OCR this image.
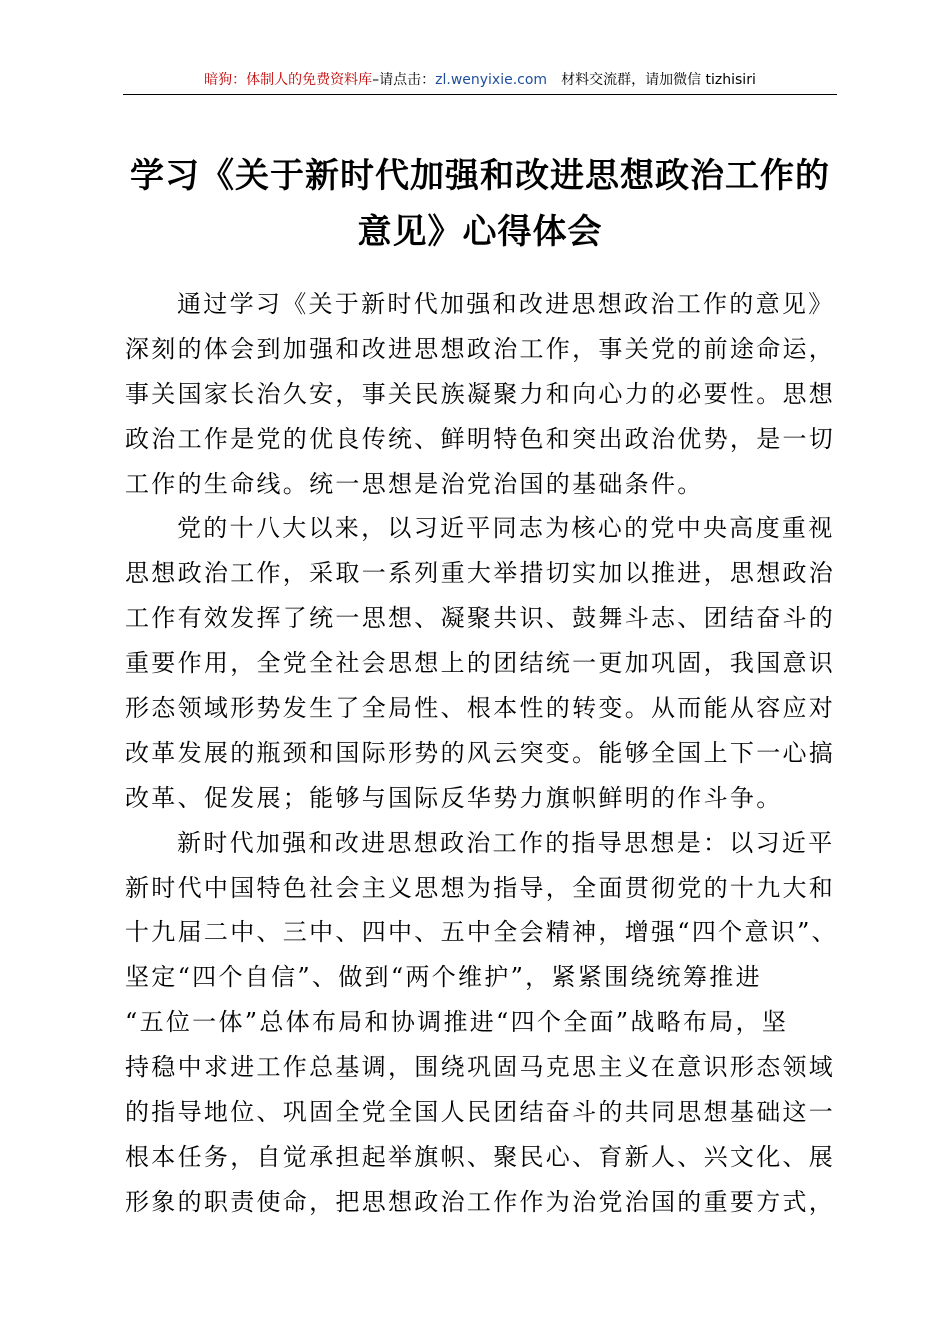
暗狗：体制人的免费资料库–请点击：zl.wenyixie.com 材料交流群，请加微信 tizhisiri
学习《关于新时代加强和改进思想政治工作的
意见》心得体会
通过学习《关于新时代加强和改进思想政治工作的意见》
深刻的体会到加强和改进思想政治工作，事关党的前途命运，
事关国家长治久安，事关民族凝聚力和向心力的必要性。思想
政治工作是党的优良传统、鲜明特色和突出政治优势，是一切
工作的生命线。统一思想是治党治国的基础条件。
党的十八大以来，以习近平同志为核心的党中央高度重视
思想政治工作，采取一系列重大举措切实加以推进，思想政治
工作有效发挥了统一思想、凝聚共识、鼓舞斗志、团结奋斗的
重要作用，全党全社会思想上的团结统一更加巩固，我国意识
形态领域形势发生了全局性、根本性的转变。从而能从容应对
改革发展的瓶颈和国际形势的风云突变。能够全国上下一心搞
改革、促发展；能够与国际反华势力旗帜鲜明的作斗争。
新时代加强和改进思想政治工作的指导思想是：以习近平
新时代中国特色社会主义思想为指导，全面贯彻党的十九大和
十九届二中、三中、四中、五中全会精神，增强“四个意识”、
坚定“四个自信”、做到“两个维护”，紧紧围绕统筹推进
“五位一体”总体布局和协调推进“四个全面”战略布局，坚
持稳中求进工作总基调，围绕巩固马克思主义在意识形态领域
的指导地位、巩固全党全国人民团结奋斗的共同思想基础这一
根本任务，自觉承担起举旗帜、聚民心、育新人、兴文化、展
形象的职责使命，把思想政治工作作为治党治国的重要方式，
